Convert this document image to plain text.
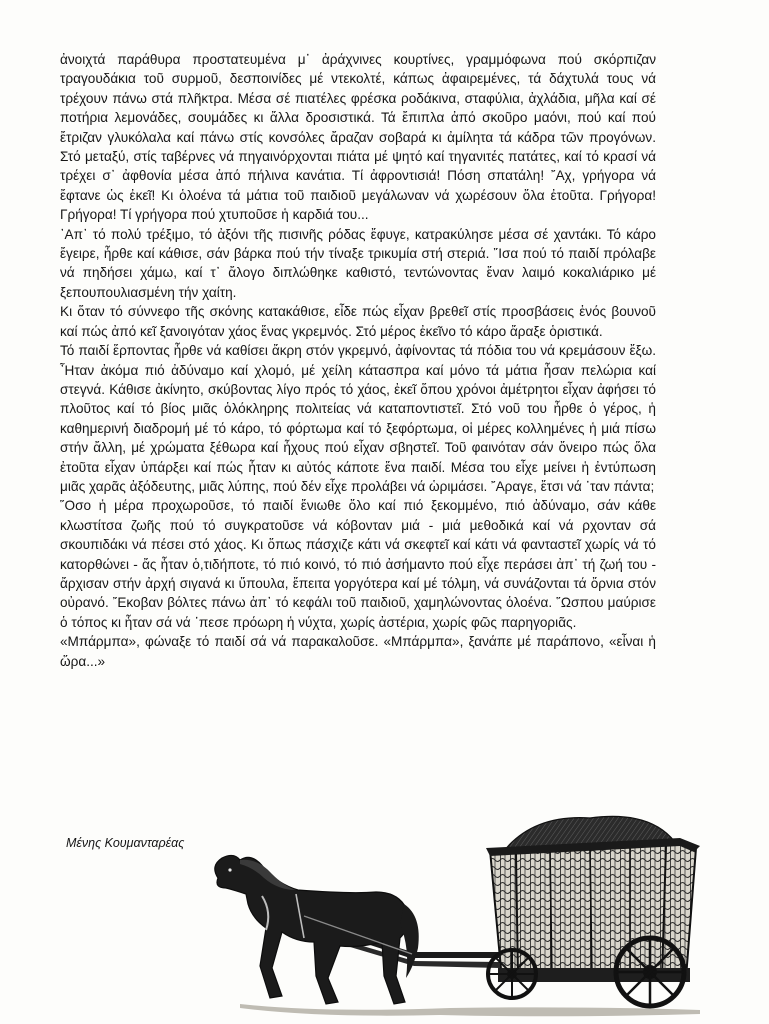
ἀνοιχτά παράθυρα προστατευμένα μ᾿ ἀράχνινες κουρτίνες, γραμμόφωνα πού σκόρπιζαν τραγουδάκια τοῦ συρμοῦ, δεσποινίδες μέ ντεκολτέ, κάπως ἀφαιρεμένες, τά δάχτυλά τους νά τρέχουν πάνω στά πλῆκτρα. Μέσα σέ πιατέλες φρέσκα ροδάκινα, σταφύλια, ἀχλάδια, μῆλα καί σέ ποτήρια λεμονάδες, σουμάδες κι ἄλλα δροσιστικά. Τά ἔπιπλα ἀπό σκοῦρο μαόνι, πού καί πού ἔτριζαν γλυκόλαλα καί πάνω στίς κονσόλες ἄραζαν σοβαρά κι ἀμίλητα τά κάδρα τῶν προγόνων. Στό μεταξύ, στίς ταβέρνες νά πηγαινόρχονται πιάτα μέ ψητό καί τηγανιτές πατάτες, καί τό κρασί νά τρέχει σ᾿ ἀφθονία μέσα ἀπό πήλινα κανάτια. Τί ἀφροντισιά! Πόση σπατάλη! ῎Αχ, γρήγορα νά ἔφτανε ὡς ἐκεῖ! Κι ὁλοένα τά μάτια τοῦ παιδιοῦ μεγάλωναν νά χωρέσουν ὅλα ἐτοῦτα. Γρήγορα! Γρήγορα! Τί γρήγορα πού χτυποῦσε ἡ καρδιά του...

᾿Απ᾿ τό πολύ τρέξιμο, τό ἀξόνι τῆς πισινῆς ρόδας ἔφυγε, κατρακύλησε μέσα σέ χαντάκι. Τό κάρο ἔγειρε, ἦρθε καί κάθισε, σάν βάρκα πού τήν τίναξε τρικυμία στή στεριά. ῞Ισα πού τό παιδί πρόλαβε νά πηδήσει χάμω, καί τ᾿ ἄλογο διπλώθηκε καθιστό, τεντώνοντας ἕναν λαιμό κοκαλιάρικο μέ ξεπουπουλιασμένη τήν χαίτη.

Κι ὅταν τό σύννεφο τῆς σκόνης κατακάθισε, εἶδε πώς εἶχαν βρεθεῖ στίς προσβάσεις ἑνός βουνοῦ καί πώς ἀπό κεῖ ξανοιγόταν χάος ἕνας γκρεμνός. Στό μέρος ἐκεῖνο τό κάρο ἄραξε ὁριστικά.

Τό παιδί ἕρποντας ἦρθε νά καθίσει ἄκρη στόν γκρεμνό, ἀφίνοντας τά πόδια του νά κρεμάσουν ἔξω. ῏Ηταν ἀκόμα πιό ἀδύναμο καί χλομό, μέ χείλη κάτασπρα καί μόνο τά μάτια ἦσαν πελώρια καί στεγνά. Κάθισε ἀκίνητο, σκύβοντας λίγο πρός τό χάος, ἐκεῖ ὅπου χρόνοι ἀμέτρητοι εἶχαν ἀφήσει τό πλοῦτος καί τό βίος μιᾶς ὁλόκληρης πολιτείας νά καταποντιστεῖ. Στό νοῦ του ἦρθε ὁ γέρος, ἡ καθημερινή διαδρομή μέ τό κάρο, τό φόρτωμα καί τό ξεφόρτωμα, οἱ μέρες κολλημένες ἡ μιά πίσω στήν ἄλλη, μέ χρώματα ξέθωρα καί ἦχους πού εἶχαν σβηστεῖ. Τοῦ φαινόταν σάν ὄνειρο πώς ὅλα ἐτοῦτα εἶχαν ὑπάρξει καί πώς ἦταν κι αὐτός κάποτε ἕνα παιδί. Μέσα του εἶχε μείνει ἡ ἐντύπωση μιᾶς χαρᾶς ἀξόδευτης, μιᾶς λύπης, πού δέν εἶχε προλάβει νά ὡριμάσει. ῎Αραγε, ἔτσι νά ᾿ταν πάντα;

῞Οσο ἡ μέρα προχωροῦσε, τό παιδί ἔνιωθε ὅλο καί πιό ξεκομμένο, πιό ἀδύναμο, σάν κάθε κλωστίτσα ζωῆς πού τό συγκρατοῦσε νά κόβονταν μιά - μιά μεθοδικά καί νά ρχονταν σά σκουπιδάκι νά πέσει στό χάος. Κι ὅπως πάσχιζε κάτι νά σκεφτεῖ καί κάτι νά φανταστεῖ χωρίς νά τό κατορθώνει - ἄς ἦταν ὁ,τιδήποτε, τό πιό κοινό, τό πιό ἀσήμαντο πού εἶχε περάσει ἀπ᾿ τή ζωή του - ἄρχισαν στήν ἀρχή σιγανά κι ὕπουλα, ἔπειτα γοργότερα καί μέ τόλμη, νά συνάζονται τά ὄρνια στόν οὐρανό. ῎Εκοβαν βόλτες πάνω ἀπ᾿ τό κεφάλι τοῦ παιδιοῦ, χαμηλώνοντας ὁλοένα. ῞Ωσπου μαύρισε ὁ τόπος κι ἦταν σά νά ᾿πεσε πρόωρη ἡ νύχτα, χωρίς ἀστέρια, χωρίς φῶς παρηγοριᾶς.

«Μπάρμπα», φώναξε τό παιδί σά νά παρακαλοῦσε. «Μπάρμπα», ξανάπε μέ παράπονο, «εἶναι ἡ ὥρα...»

Μένης Κουμανταρέας
